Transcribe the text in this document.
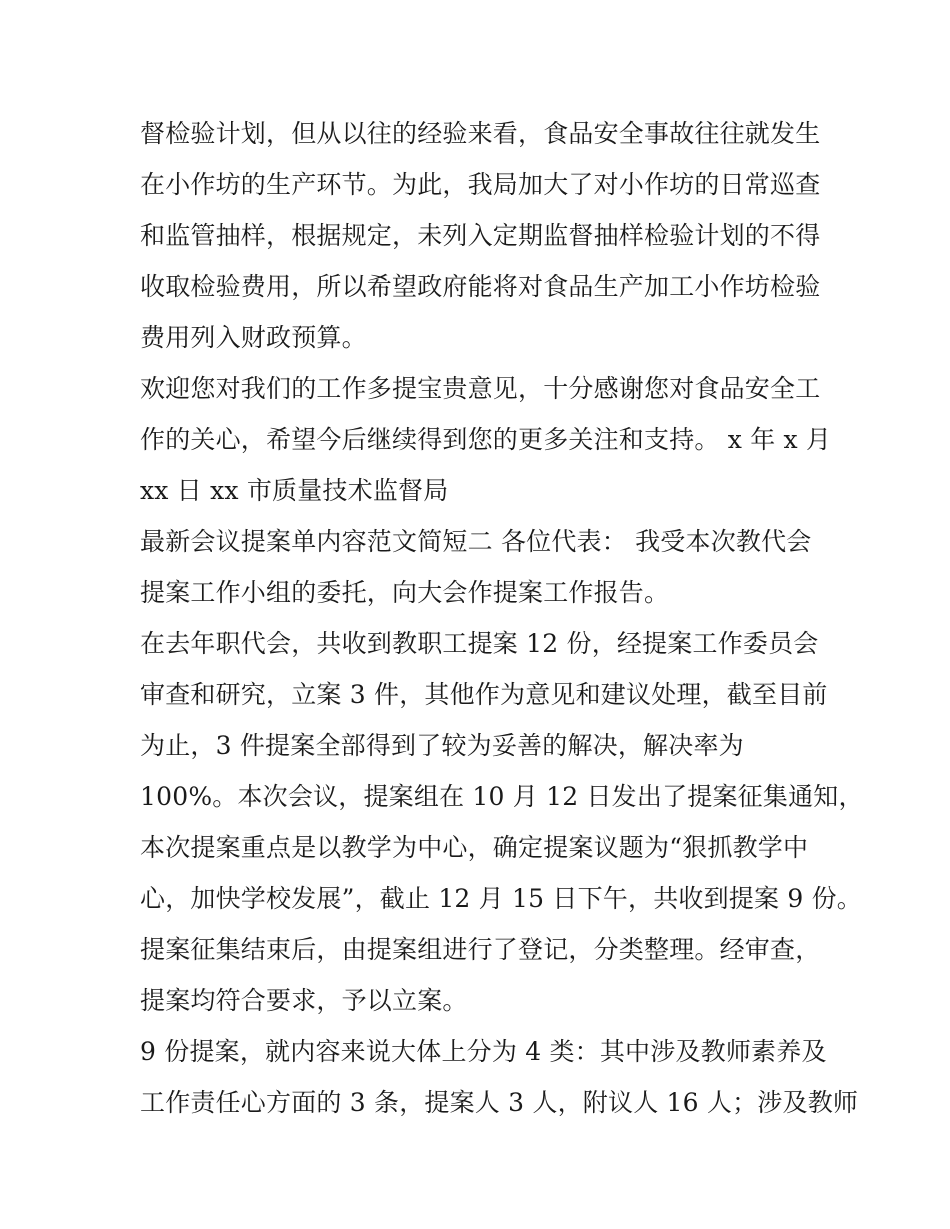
督检验计划，但从以往的经验来看，食品安全事故往往就发生
在小作坊的生产环节。为此，我局加大了对小作坊的日常巡查
和监管抽样，根据规定，未列入定期监督抽样检验计划的不得
收取检验费用，所以希望政府能将对食品生产加工小作坊检验
费用列入财政预算。
欢迎您对我们的工作多提宝贵意见，十分感谢您对食品安全工
作的关心，希望今后继续得到您的更多关注和支持。 x 年 x 月
xx 日 xx 市质量技术监督局
最新会议提案单内容范文简短二 各位代表： 我受本次教代会
提案工作小组的委托，向大会作提案工作报告。
在去年职代会，共收到教职工提案 12 份，经提案工作委员会
审查和研究，立案 3 件，其他作为意见和建议处理，截至目前
为止，3 件提案全部得到了较为妥善的解决，解决率为
100%。本次会议，提案组在 10 月 12 日发出了提案征集通知，
本次提案重点是以教学为中心，确定提案议题为“狠抓教学中
心，加快学校发展”，截止 12 月 15 日下午，共收到提案 9 份。
提案征集结束后，由提案组进行了登记，分类整理。经审查，
提案均符合要求，予以立案。
9 份提案，就内容来说大体上分为 4 类：其中涉及教师素养及
工作责任心方面的 3 条，提案人 3 人，附议人 16 人；涉及教师
